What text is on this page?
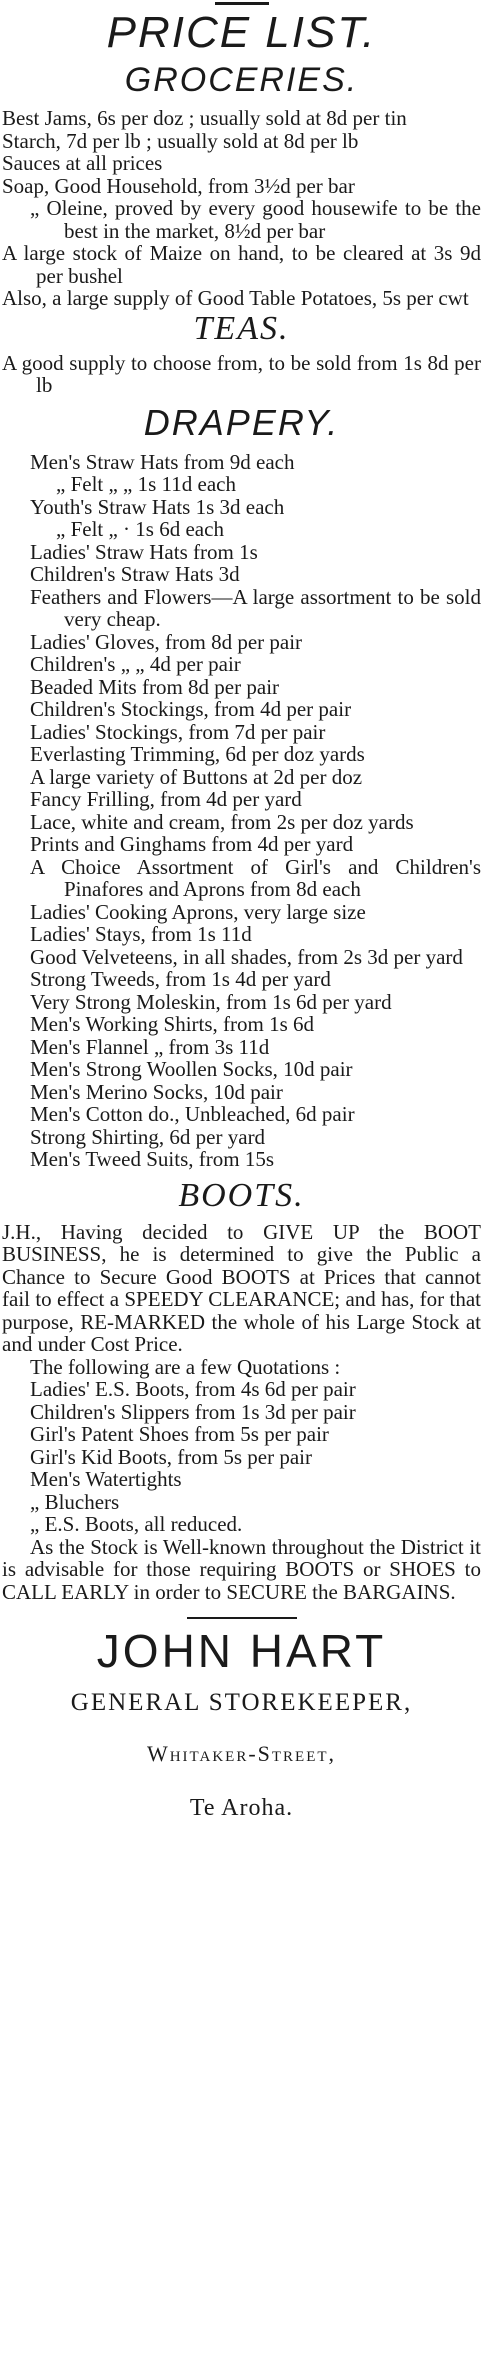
PRICE LIST.
GROCERIES.

Best Jams, 6s per doz ; usually sold at 8d per tin

Starch, 7d per lb ; usually sold at 8d per lb

Sauces at all prices

Soap, Good Household, from 3½d per bar

„ Oleine, proved by every good housewife to be the best in the market, 8½d per bar

A large stock of Maize on hand, to be cleared at 3s 9d per bushel

Also, a large supply of Good Table Potatoes, 5s per cwt

TEAS.

A good supply to choose from, to be sold from 1s 8d per lb

DRAPERY.

Men's Straw Hats from 9d each

„ Felt „ „ 1s 11d each

Youth's Straw Hats 1s 3d each

„ Felt „ · 1s 6d each

Ladies' Straw Hats from 1s

Children's Straw Hats 3d

Feathers and Flowers—A large assortment to be sold very cheap.

Ladies' Gloves, from 8d per pair

Children's „ „ 4d per pair

Beaded Mits from 8d per pair

Children's Stockings, from 4d per pair

Ladies' Stockings, from 7d per pair

Everlasting Trimming, 6d per doz yards

A large variety of Buttons at 2d per doz

Fancy Frilling, from 4d per yard

Lace, white and cream, from 2s per doz yards

Prints and Ginghams from 4d per yard

A Choice Assortment of Girl's and Children's Pinafores and Aprons from 8d each

Ladies' Cooking Aprons, very large size

Ladies' Stays, from 1s 11d

Good Velveteens, in all shades, from 2s 3d per yard

Strong Tweeds, from 1s 4d per yard

Very Strong Moleskin, from 1s 6d per yard

Men's Working Shirts, from 1s 6d

Men's Flannel „ from 3s 11d

Men's Strong Woollen Socks, 10d pair

Men's Merino Socks, 10d pair

Men's Cotton do., Unbleached, 6d pair

Strong Shirting, 6d per yard

Men's Tweed Suits, from 15s

BOOTS.

J.H., Having decided to GIVE UP the BOOT BUSINESS, he is determined to give the Public a Chance to Secure Good BOOTS at Prices that cannot fail to effect a SPEEDY CLEARANCE; and has, for that purpose, RE-MARKED the whole of his Large Stock at and under Cost Price.

The following are a few Quotations :

Ladies' E.S. Boots, from 4s 6d per pair

Children's Slippers from 1s 3d per pair

Girl's Patent Shoes from 5s per pair

Girl's Kid Boots, from 5s per pair

Men's Watertights

„ Bluchers

„ E.S. Boots, all reduced.

As the Stock is Well-known throughout the District it is advisable for those requiring BOOTS or SHOES to CALL EARLY in order to SECURE the BARGAINS.

JOHN HART
GENERAL STOREKEEPER,
Whitaker-Street,
Te Aroha.
